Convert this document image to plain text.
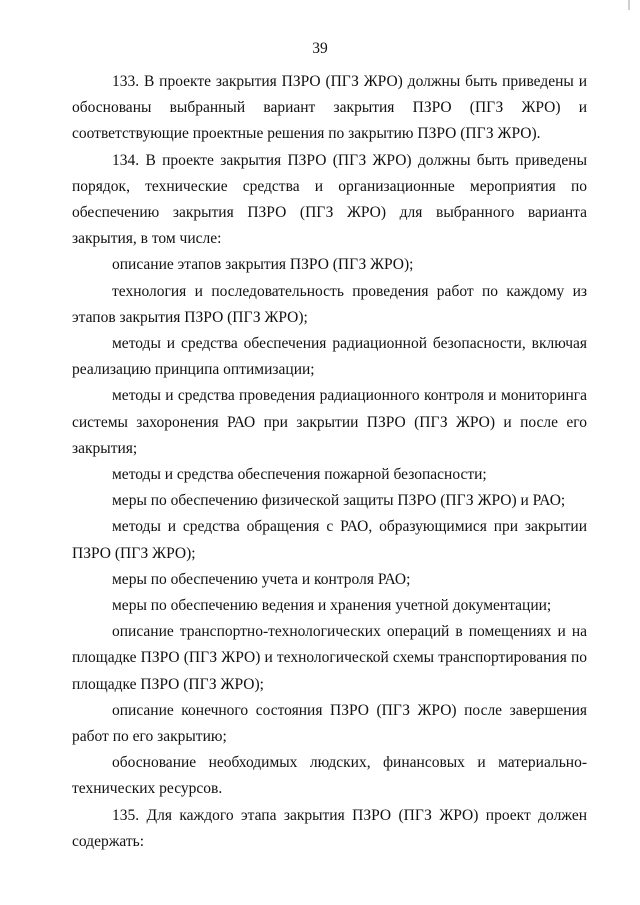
39

133. В проекте закрытия ПЗРО (ПГЗ ЖРО) должны быть приведены и обоснованы выбранный вариант закрытия ПЗРО (ПГЗ ЖРО) и соответствующие проектные решения по закрытию ПЗРО (ПГЗ ЖРО).

134. В проекте закрытия ПЗРО (ПГЗ ЖРО) должны быть приведены порядок, технические средства и организационные мероприятия по обеспечению закрытия ПЗРО (ПГЗ ЖРО) для выбранного варианта закрытия, в том числе:

описание этапов закрытия ПЗРО (ПГЗ ЖРО);

технология и последовательность проведения работ по каждому из этапов закрытия ПЗРО (ПГЗ ЖРО);

методы и средства обеспечения радиационной безопасности, включая реализацию принципа оптимизации;

методы и средства проведения радиационного контроля и мониторинга системы захоронения РАО при закрытии ПЗРО (ПГЗ ЖРО) и после его закрытия;

методы и средства обеспечения пожарной безопасности;

меры по обеспечению физической защиты ПЗРО (ПГЗ ЖРО) и РАО;

методы и средства обращения с РАО, образующимися при закрытии ПЗРО (ПГЗ ЖРО);

меры по обеспечению учета и контроля РАО;

меры по обеспечению ведения и хранения учетной документации;

описание транспортно-технологических операций в помещениях и на площадке ПЗРО (ПГЗ ЖРО) и технологической схемы транспортирования по площадке ПЗРО (ПГЗ ЖРО);

описание конечного состояния ПЗРО (ПГЗ ЖРО) после завершения работ по его закрытию;

обоснование необходимых людских, финансовых и материально-технических ресурсов.

135. Для каждого этапа закрытия ПЗРО (ПГЗ ЖРО) проект должен содержать:
